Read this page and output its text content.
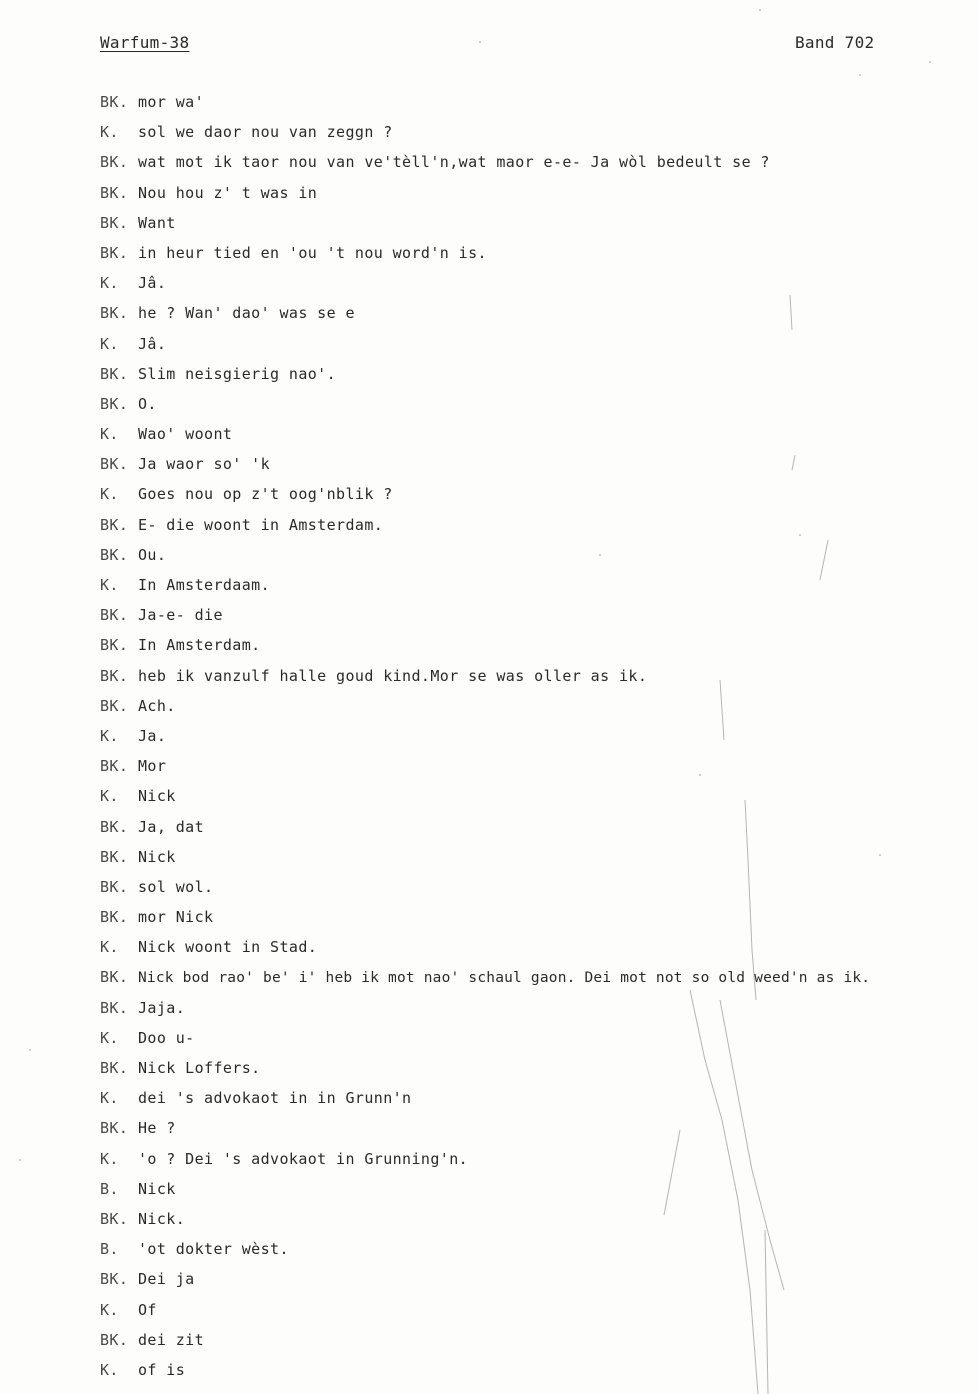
Warfum-38	Band 702
BK. mor wa'
K. sol we daor nou van zeggn ?
BK. wat mot ik taor nou van ve'tèll'n,wat maor e-e- Ja wòl bedeult se ?
BK. Nou hou z' t was in
BK. Want
BK. in heur tied en 'ou 't nou word'n is.
K. Jâ.
BK. he ? Wan' dao' was se e
K. Jâ.
BK. Slim neisgierig nao'.
BK. O.
K. Wao' woont
BK. Ja waor so' 'k
K. Goes nou op z't oog'nblik ?
BK. E- die woont in Amsterdam.
BK. Ou.
K. In Amsterdaam.
BK. Ja-e- die
BK. In Amsterdam.
BK. heb ik vanzulf halle goud kind.Mor se was oller as ik.
BK. Ach.
K. Ja.
BK. Mor
K. Nick
BK. Ja, dat
BK. Nick
BK. sol wol.
BK. mor Nick
K. Nick woont in Stad.
BK. Nick bod rao' be' i' heb ik mot nao' schaul gaon. Dei mot not so old weed'n as ik.
BK. Jaja.
K. Doo u-
BK. Nick Loffers.
K. dei 's advokaot in in Grunn'n
BK. He ?
K. 'o ? Dei 's advokaot in Grunning'n.
B. Nick
BK. Nick.
B. 'ot dokter wèst.
BK. Dei ja
K. Of
BK. dei zit
K. of is
